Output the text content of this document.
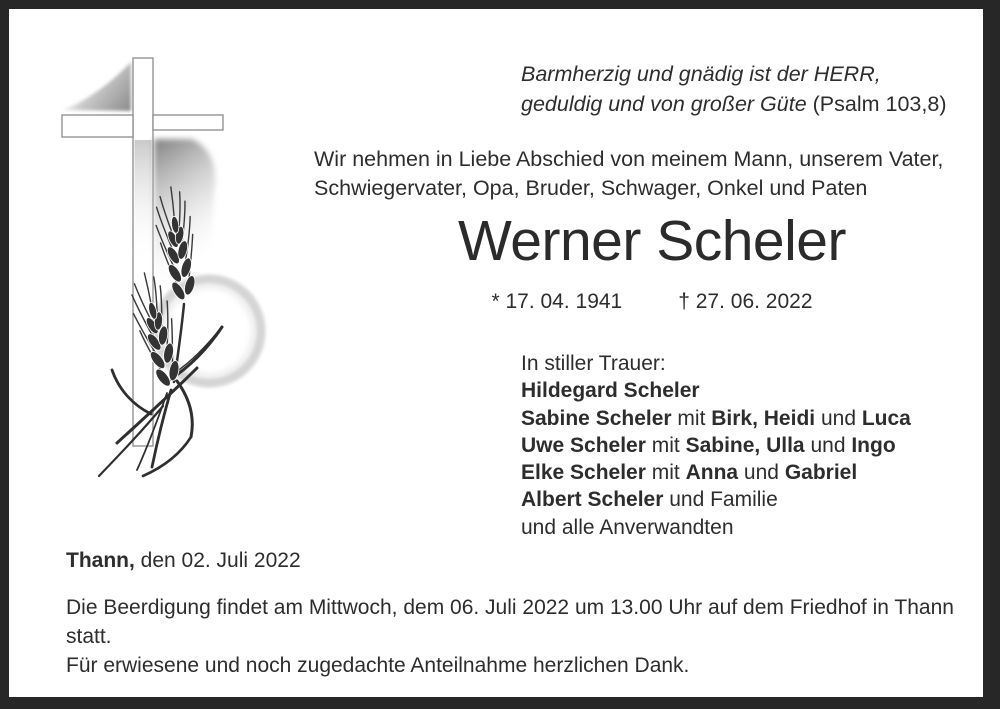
Barmherzig und gnädig ist der HERR,
geduldig und von großer Güte (Psalm 103,8)
Wir nehmen in Liebe Abschied von meinem Mann, unserem Vater, Schwiegervater, Opa, Bruder, Schwager, Onkel und Paten
Werner Scheler
* 17. 04. 1941	† 27. 06. 2022
In stiller Trauer:
Hildegard Scheler
Sabine Scheler mit Birk, Heidi und Luca
Uwe Scheler mit Sabine, Ulla und Ingo
Elke Scheler mit Anna und Gabriel
Albert Scheler und Familie
und alle Anverwandten
Thann, den 02. Juli 2022
Die Beerdigung findet am Mittwoch, dem 06. Juli 2022 um 13.00 Uhr auf dem Friedhof in Thann statt.
Für erwiesene und noch zugedachte Anteilnahme herzlichen Dank.
